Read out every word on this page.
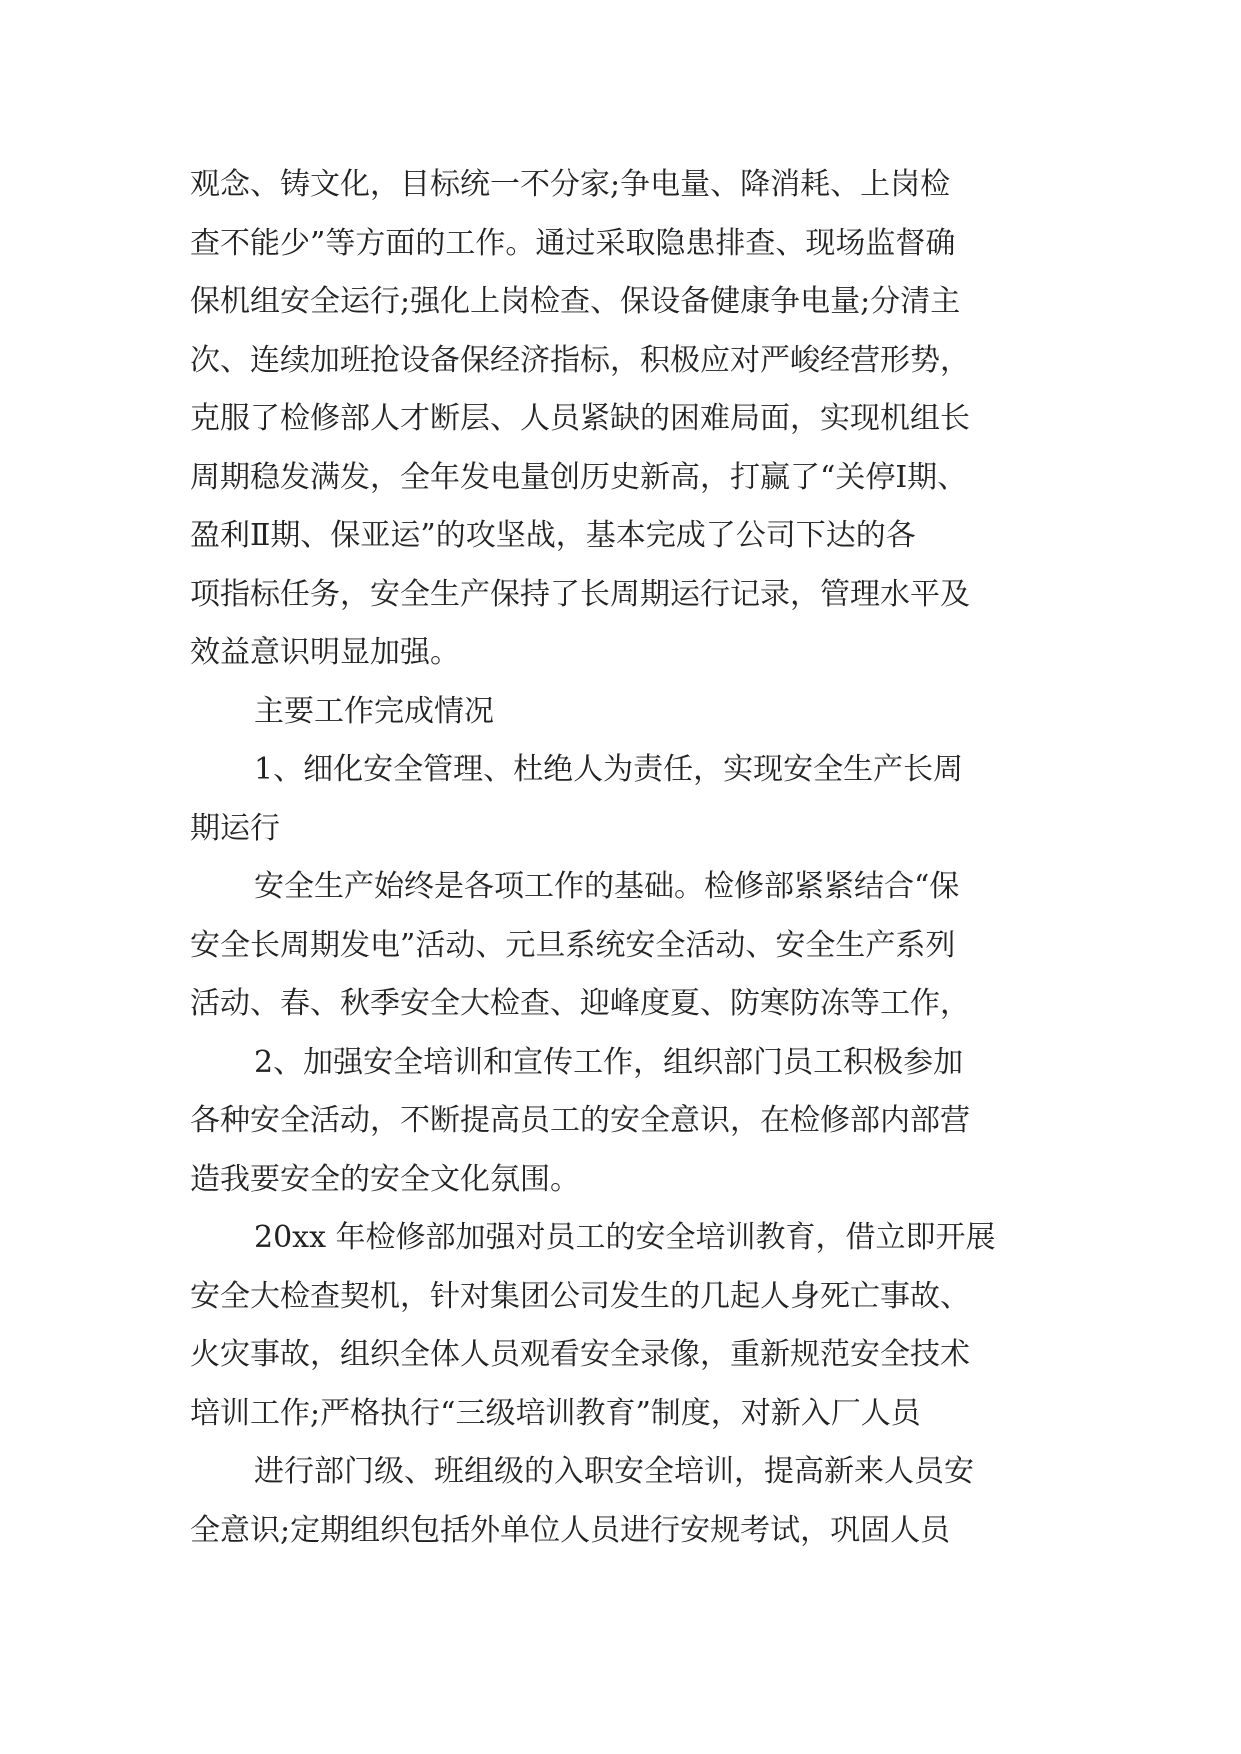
观念、铸文化，目标统一不分家;争电量、降消耗、上岗检

查不能少”等方面的工作。通过采取隐患排查、现场监督确

保机组安全运行;强化上岗检查、保设备健康争电量;分清主

次、连续加班抢设备保经济指标，积极应对严峻经营形势，

克服了检修部人才断层、人员紧缺的困难局面，实现机组长

周期稳发满发，全年发电量创历史新高，打赢了“关停Ⅰ期、

盈利Ⅱ期、保亚运”的攻坚战，基本完成了公司下达的各

项指标任务，安全生产保持了长周期运行记录，管理水平及

效益意识明显加强。

主要工作完成情况

1、细化安全管理、杜绝人为责任，实现安全生产长周

期运行

安全生产始终是各项工作的基础。检修部紧紧结合“保

安全长周期发电”活动、元旦系统安全活动、安全生产系列

活动、春、秋季安全大检查、迎峰度夏、防寒防冻等工作，

2、加强安全培训和宣传工作，组织部门员工积极参加

各种安全活动，不断提高员工的安全意识，在检修部内部营

造我要安全的安全文化氛围。

20xx 年检修部加强对员工的安全培训教育，借立即开展

安全大检查契机，针对集团公司发生的几起人身死亡事故、

火灾事故，组织全体人员观看安全录像，重新规范安全技术

培训工作;严格执行“三级培训教育”制度，对新入厂人员

进行部门级、班组级的入职安全培训，提高新来人员安

全意识;定期组织包括外单位人员进行安规考试，巩固人员
